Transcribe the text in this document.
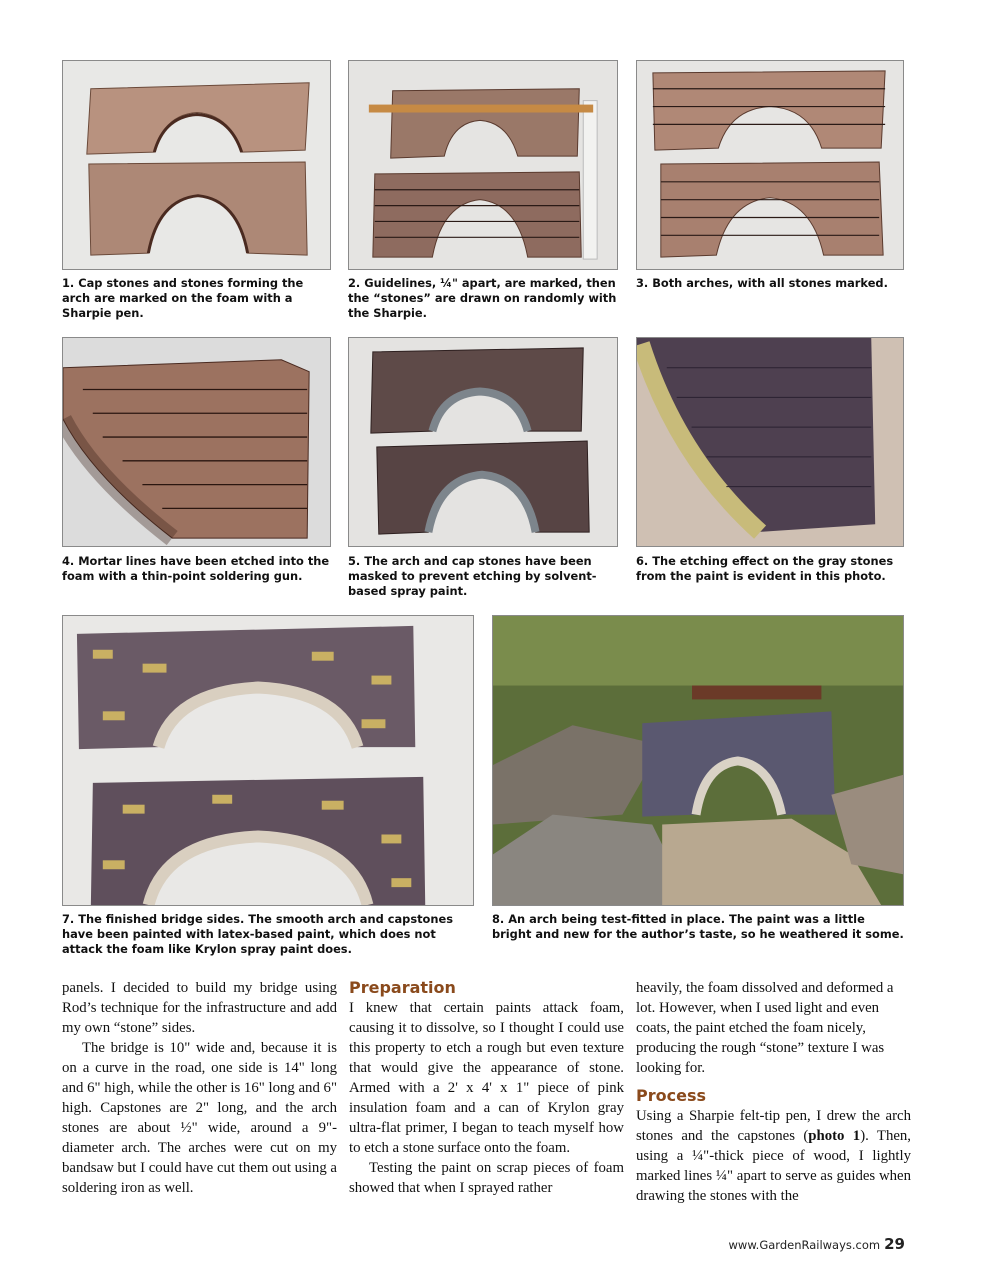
1. Cap stones and stones forming the arch are marked on the foam with a Sharpie pen.
2. Guidelines, ¼" apart, are marked, then the “stones” are drawn on randomly with the Sharpie.
3. Both arches, with all stones marked.
4. Mortar lines have been etched into the foam with a thin-point soldering gun.
5. The arch and cap stones have been masked to prevent etching by solvent-based spray paint.
6. The etching effect on the gray stones from the paint is evident in this photo.
7. The finished bridge sides. The smooth arch and capstones have been painted with latex-based paint, which does not attack the foam like Krylon spray paint does.
8. An arch being test-fitted in place. The paint was a little bright and new for the author’s taste, so he weathered it some.

panels. I decided to build my bridge using Rod’s technique for the infrastructure and add my own “stone” sides.

The bridge is 10" wide and, because it is on a curve in the road, one side is 14" long and 6" high, while the other is 16" long and 6" high. Capstones are 2" long, and the arch stones are about ½" wide, around a 9"-diameter arch. The arches were cut on my bandsaw but I could have cut them out using a soldering iron as well.

Preparation

I knew that certain paints attack foam, causing it to dissolve, so I thought I could use this property to etch a rough but even texture that would give the appearance of stone. Armed with a 2' x 4' x 1" piece of pink insulation foam and a can of Krylon gray ultra-flat primer, I began to teach myself how to etch a stone surface onto the foam.

Testing the paint on scrap pieces of foam showed that when I sprayed rather

heavily, the foam dissolved and deformed a lot. However, when I used light and even coats, the paint etched the foam nicely, producing the rough “stone” texture I was looking for.

Process

Using a Sharpie felt-tip pen, I drew the arch stones and the capstones (photo 1). Then, using a ¼"-thick piece of wood, I lightly marked lines ¼" apart to serve as guides when drawing the stones with the

www.GardenRailways.com 29
